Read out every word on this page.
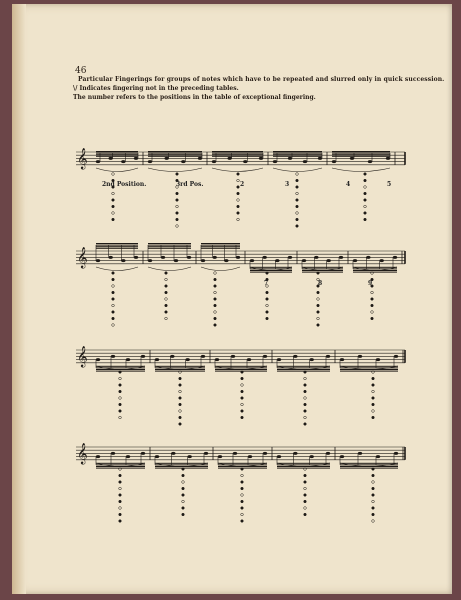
46
Particular Fingerings for groups of notes which have to be repeated and slurred only in quick succession.
\/ Indicates fingering not in the preceding tables.
The number refers to the positions in the table of exceptional fingering.
𝄞
𝄞
𝄞
𝄞
2nd Position.	3rd Pos.	2	3	4	5
7	8	9
